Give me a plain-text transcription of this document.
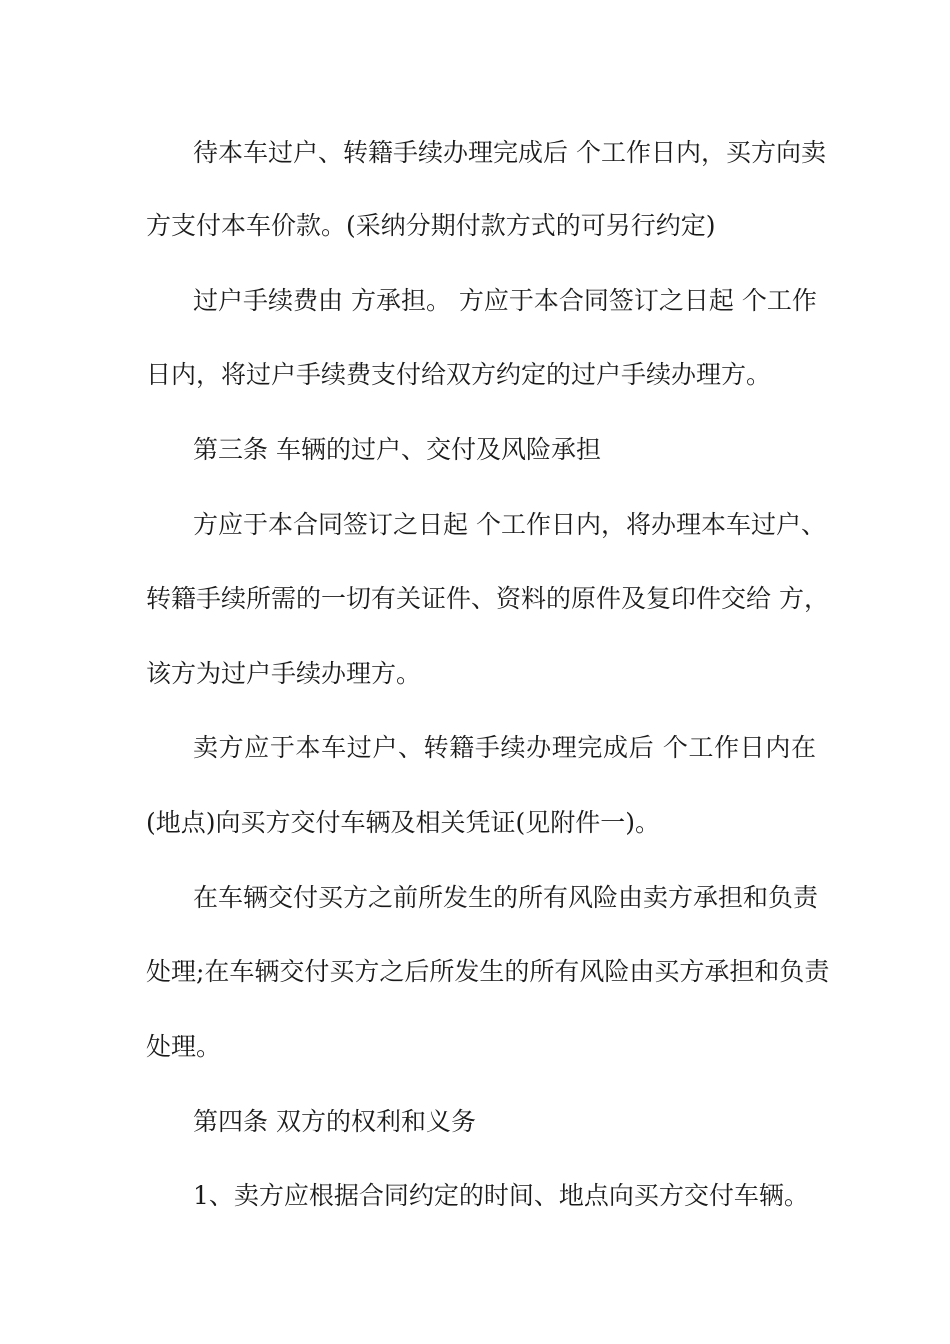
待本车过户、转籍手续办理完成后 个工作日内，买方向卖

方支付本车价款。(采纳分期付款方式的可另行约定)

过户手续费由 方承担。 方应于本合同签订之日起 个工作

日内，将过户手续费支付给双方约定的过户手续办理方。

第三条 车辆的过户、交付及风险承担

方应于本合同签订之日起 个工作日内，将办理本车过户、

转籍手续所需的一切有关证件、资料的原件及复印件交给 方，

该方为过户手续办理方。

卖方应于本车过户、转籍手续办理完成后 个工作日内在

(地点)向买方交付车辆及相关凭证(见附件一)。

在车辆交付买方之前所发生的所有风险由卖方承担和负责

处理;在车辆交付买方之后所发生的所有风险由买方承担和负责

处理。

第四条 双方的权利和义务

1、卖方应根据合同约定的时间、地点向买方交付车辆。
